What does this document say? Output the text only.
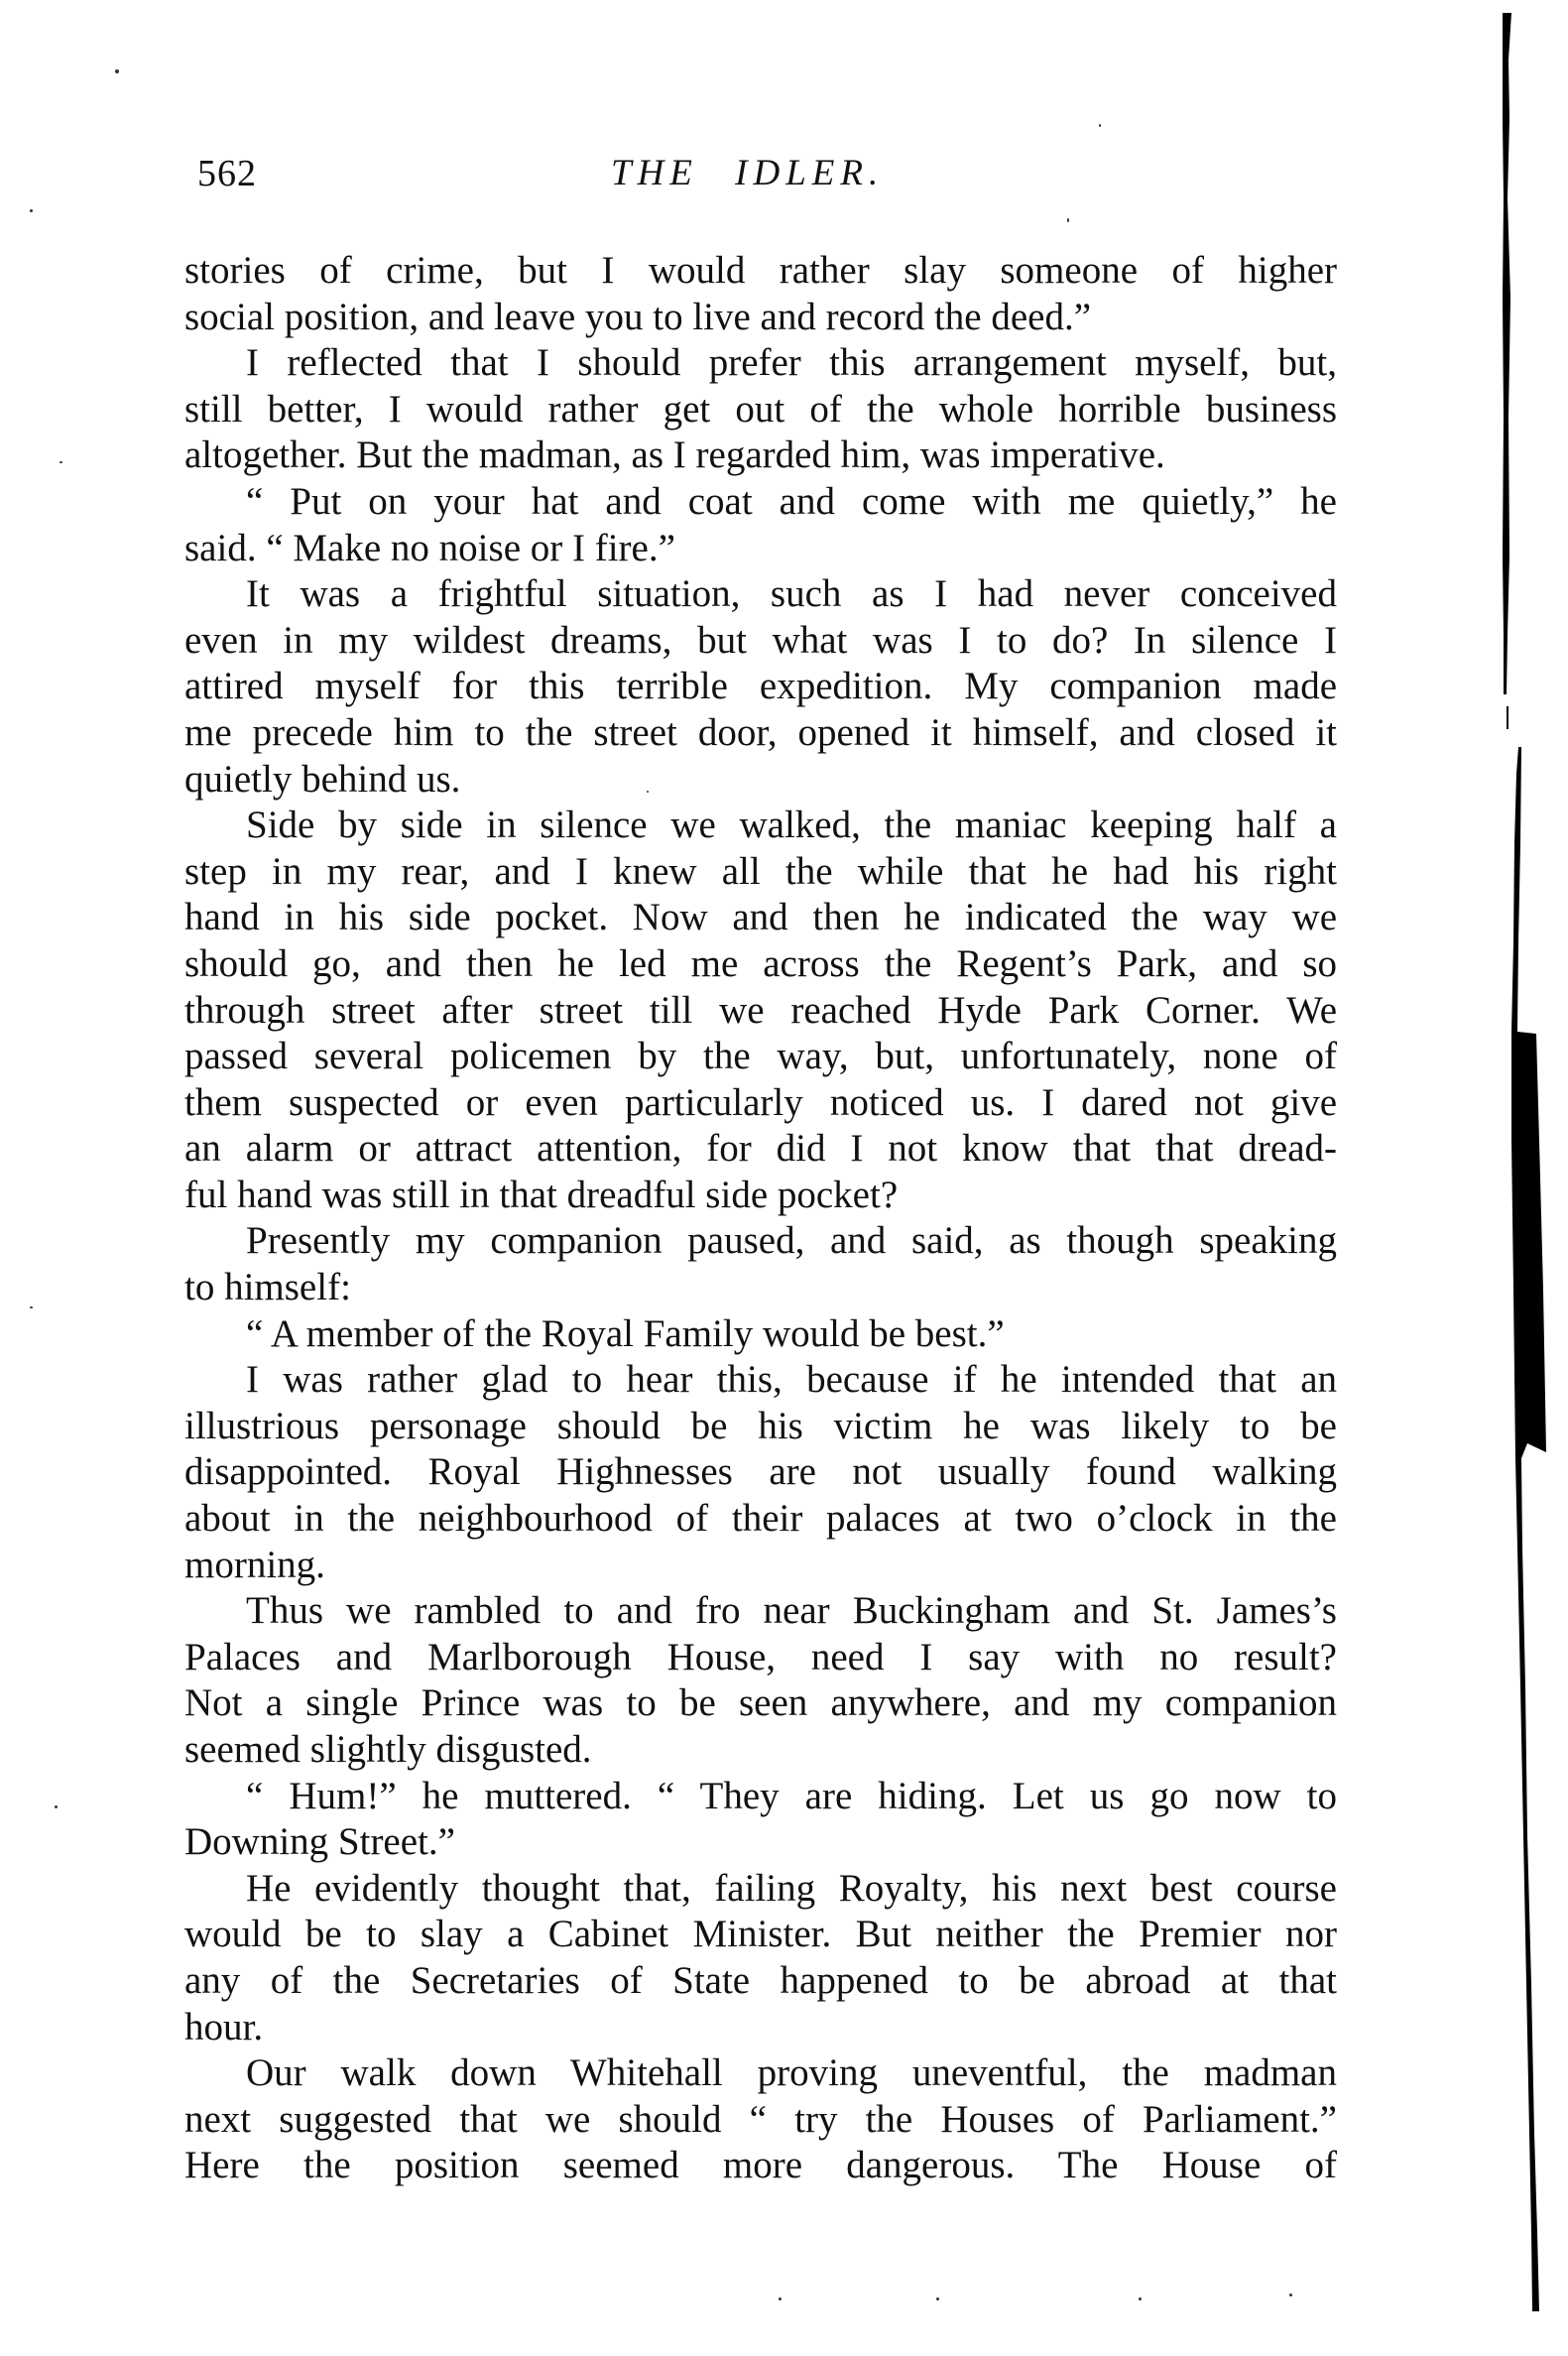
562	THE IDLER.
stories of crime, but I would rather slay someone of higher
social position, and leave you to live and record the deed.”
I reflected that I should prefer this arrangement myself, but,
still better, I would rather get out of the whole horrible business
altogether. But the madman, as I regarded him, was imperative.
“ Put on your hat and coat and come with me quietly,” he
said. “ Make no noise or I fire.”
It was a frightful situation, such as I had never conceived
even in my wildest dreams, but what was I to do? In silence I
attired myself for this terrible expedition. My companion made
me precede him to the street door, opened it himself, and closed it
quietly behind us.
Side by side in silence we walked, the maniac keeping half a
step in my rear, and I knew all the while that he had his right
hand in his side pocket. Now and then he indicated the way we
should go, and then he led me across the Regent’s Park, and so
through street after street till we reached Hyde Park Corner. We
passed several policemen by the way, but, unfortunately, none of
them suspected or even particularly noticed us. I dared not give
an alarm or attract attention, for did I not know that that dread-
ful hand was still in that dreadful side pocket?
Presently my companion paused, and said, as though speaking
to himself:
“ A member of the Royal Family would be best.”
I was rather glad to hear this, because if he intended that an
illustrious personage should be his victim he was likely to be
disappointed. Royal Highnesses are not usually found walking
about in the neighbourhood of their palaces at two o’clock in the
morning.
Thus we rambled to and fro near Buckingham and St. James’s
Palaces and Marlborough House, need I say with no result?
Not a single Prince was to be seen anywhere, and my companion
seemed slightly disgusted.
“ Hum!” he muttered. “ They are hiding. Let us go now to
Downing Street.”
He evidently thought that, failing Royalty, his next best course
would be to slay a Cabinet Minister. But neither the Premier nor
any of the Secretaries of State happened to be abroad at that
hour.
Our walk down Whitehall proving uneventful, the madman
next suggested that we should “ try the Houses of Parliament.”
Here the position seemed more dangerous. The House of
